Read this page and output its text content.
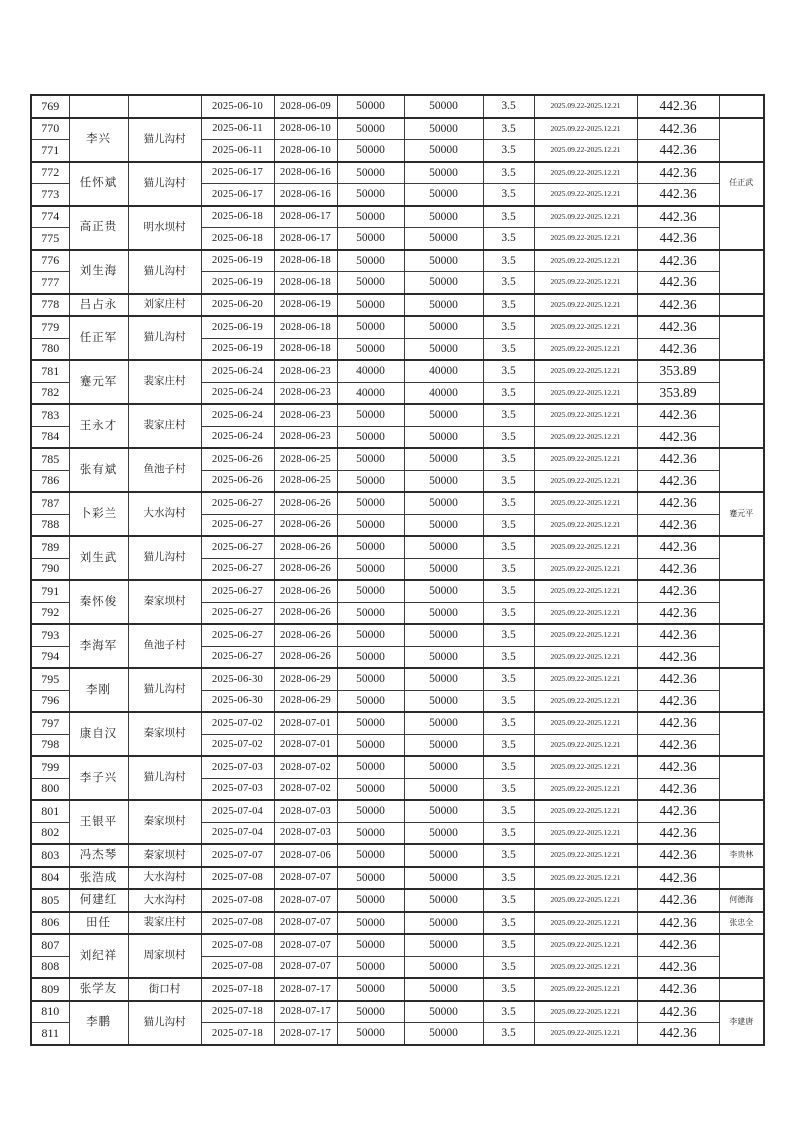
769			2025-06-10	2028-06-09	50000	50000	3.5	2025.09.22-2025.12.21	442.36	
770	李兴	猫儿沟村	2025-06-11	2028-06-10	50000	50000	3.5	2025.09.22-2025.12.21	442.36	
771			2025-06-11	2028-06-10	50000	50000	3.5	2025.09.22-2025.12.21	442.36	
772	任怀斌	猫儿沟村	2025-06-17	2028-06-16	50000	50000	3.5	2025.09.22-2025.12.21	442.36	任正武
773			2025-06-17	2028-06-16	50000	50000	3.5	2025.09.22-2025.12.21	442.36	
774	高正贵	明水坝村	2025-06-18	2028-06-17	50000	50000	3.5	2025.09.22-2025.12.21	442.36	
775			2025-06-18	2028-06-17	50000	50000	3.5	2025.09.22-2025.12.21	442.36	
776	刘生海	猫儿沟村	2025-06-19	2028-06-18	50000	50000	3.5	2025.09.22-2025.12.21	442.36	
777			2025-06-19	2028-06-18	50000	50000	3.5	2025.09.22-2025.12.21	442.36	
778	吕占永	刘家庄村	2025-06-20	2028-06-19	50000	50000	3.5	2025.09.22-2025.12.21	442.36	
779	任正军	猫儿沟村	2025-06-19	2028-06-18	50000	50000	3.5	2025.09.22-2025.12.21	442.36	
780			2025-06-19	2028-06-18	50000	50000	3.5	2025.09.22-2025.12.21	442.36	
781	蹇元军	裴家庄村	2025-06-24	2028-06-23	40000	40000	3.5	2025.09.22-2025.12.21	353.89	
782			2025-06-24	2028-06-23	40000	40000	3.5	2025.09.22-2025.12.21	353.89	
783	王永才	裴家庄村	2025-06-24	2028-06-23	50000	50000	3.5	2025.09.22-2025.12.21	442.36	
784			2025-06-24	2028-06-23	50000	50000	3.5	2025.09.22-2025.12.21	442.36	
785	张有斌	鱼池子村	2025-06-26	2028-06-25	50000	50000	3.5	2025.09.22-2025.12.21	442.36	
786			2025-06-26	2028-06-25	50000	50000	3.5	2025.09.22-2025.12.21	442.36	
787	卜彩兰	大水沟村	2025-06-27	2028-06-26	50000	50000	3.5	2025.09.22-2025.12.21	442.36	蹇元平
788			2025-06-27	2028-06-26	50000	50000	3.5	2025.09.22-2025.12.21	442.36	
789	刘生武	猫儿沟村	2025-06-27	2028-06-26	50000	50000	3.5	2025.09.22-2025.12.21	442.36	
790			2025-06-27	2028-06-26	50000	50000	3.5	2025.09.22-2025.12.21	442.36	
791	秦怀俊	秦家坝村	2025-06-27	2028-06-26	50000	50000	3.5	2025.09.22-2025.12.21	442.36	
792			2025-06-27	2028-06-26	50000	50000	3.5	2025.09.22-2025.12.21	442.36	
793	李海军	鱼池子村	2025-06-27	2028-06-26	50000	50000	3.5	2025.09.22-2025.12.21	442.36	
794			2025-06-27	2028-06-26	50000	50000	3.5	2025.09.22-2025.12.21	442.36	
795	李刚	猫儿沟村	2025-06-30	2028-06-29	50000	50000	3.5	2025.09.22-2025.12.21	442.36	
796			2025-06-30	2028-06-29	50000	50000	3.5	2025.09.22-2025.12.21	442.36	
797	康自汉	秦家坝村	2025-07-02	2028-07-01	50000	50000	3.5	2025.09.22-2025.12.21	442.36	
798			2025-07-02	2028-07-01	50000	50000	3.5	2025.09.22-2025.12.21	442.36	
799	李子兴	猫儿沟村	2025-07-03	2028-07-02	50000	50000	3.5	2025.09.22-2025.12.21	442.36	
800			2025-07-03	2028-07-02	50000	50000	3.5	2025.09.22-2025.12.21	442.36	
801	王银平	秦家坝村	2025-07-04	2028-07-03	50000	50000	3.5	2025.09.22-2025.12.21	442.36	
802			2025-07-04	2028-07-03	50000	50000	3.5	2025.09.22-2025.12.21	442.36	
803	冯杰琴	秦家坝村	2025-07-07	2028-07-06	50000	50000	3.5	2025.09.22-2025.12.21	442.36	李贵林
804	张浩成	大水沟村	2025-07-08	2028-07-07	50000	50000	3.5	2025.09.22-2025.12.21	442.36	
805	何建红	大水沟村	2025-07-08	2028-07-07	50000	50000	3.5	2025.09.22-2025.12.21	442.36	何德海
806	田任	裴家庄村	2025-07-08	2028-07-07	50000	50000	3.5	2025.09.22-2025.12.21	442.36	张忠全
807	刘纪祥	周家坝村	2025-07-08	2028-07-07	50000	50000	3.5	2025.09.22-2025.12.21	442.36	
808			2025-07-08	2028-07-07	50000	50000	3.5	2025.09.22-2025.12.21	442.36	
809	张学友	街口村	2025-07-18	2028-07-17	50000	50000	3.5	2025.09.22-2025.12.21	442.36	
810	李鹏	猫儿沟村	2025-07-18	2028-07-17	50000	50000	3.5	2025.09.22-2025.12.21	442.36	李建唐
811			2025-07-18	2028-07-17	50000	50000	3.5	2025.09.22-2025.12.21	442.36	
